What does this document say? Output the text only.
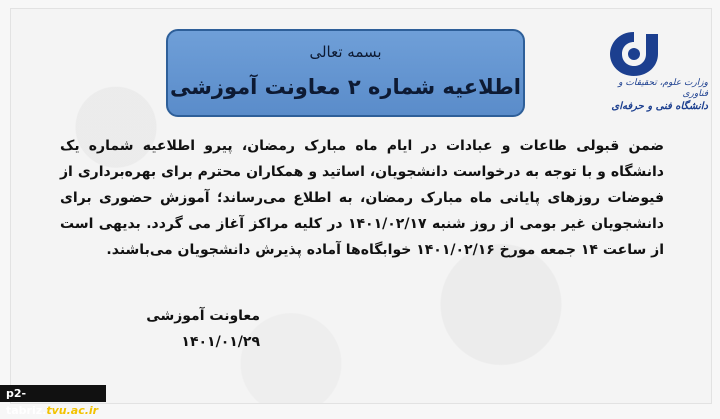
بسمه تعالی
اطلاعیه شماره ۲ معاونت آموزشی	وزارت علوم، تحقیقات و فناوری
دانشگاه فنی و حرفه‌ای
ضمن قبولی طاعات و عبادات در ایام ماه مبارک رمضان، پیرو اطلاعیه شماره یک دانشگاه و با توجه به درخواست دانشجویان، اساتید و همکاران محترم برای بهره‌برداری از فیوضات روزهای پایانی ماه مبارک رمضان، به اطلاع می‌رساند؛ آموزش حضوری برای دانشجویان غیر بومی از روز شنبه ۱۴۰۱/۰۲/۱۷ در کلیه مراکز آغاز می گردد. بدیهی است از ساعت ۱۴ جمعه مورخ ۱۴۰۱/۰۲/۱۶ خوابگاه‌ها آماده پذیرش دانشجویان می‌باشند.
معاونت آموزشی
۱۴۰۱/۰۱/۲۹
p2-tabriz.tvu.ac.ir
